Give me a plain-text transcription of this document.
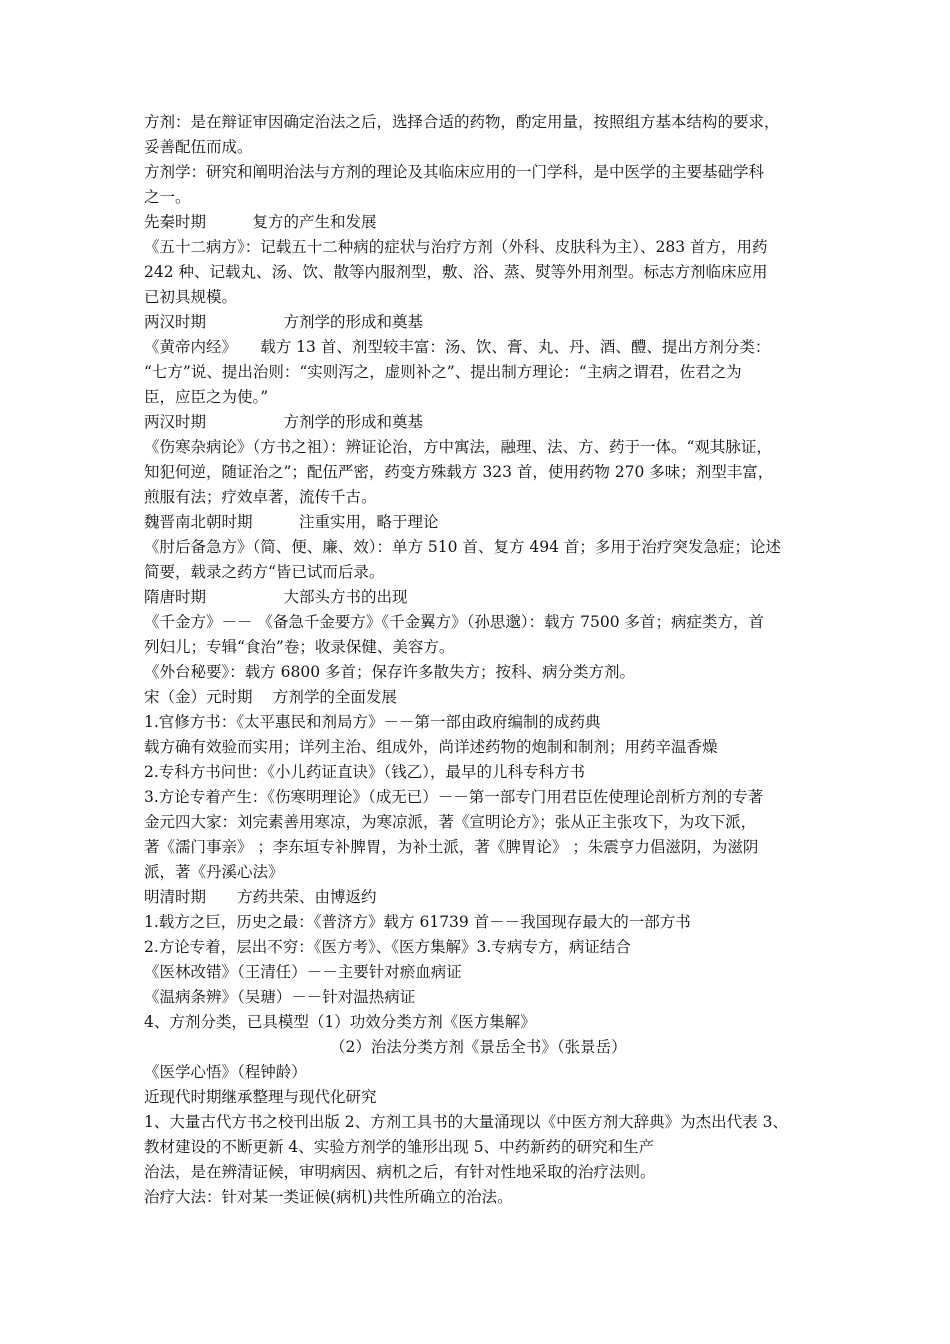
方剂：是在辩证审因确定治法之后，选择合适的药物，酌定用量，按照组方基本结构的要求，
妥善配伍而成。
方剂学：研究和阐明治法与方剂的理论及其临床应用的一门学科，是中医学的主要基础学科
之一。
先秦时期　　　复方的产生和发展
《五十二病方》：记载五十二种病的症状与治疗方剂（外科、皮肤科为主）、283 首方，用药
242 种、记载丸、汤、饮、散等内服剂型，敷、浴、蒸、熨等外用剂型。标志方剂临床应用
已初具规模。
两汉时期　　　　　方剂学的形成和奠基
《黄帝内经》　　载方 13 首、剂型较丰富：汤、饮、膏、丸、丹、酒、醴、提出方剂分类：
“七方”说、提出治则：“实则泻之，虚则补之”、提出制方理论：“主病之谓君，佐君之为
臣，应臣之为使。”
两汉时期　　　　　方剂学的形成和奠基
《伤寒杂病论》（方书之祖）：辨证论治，方中寓法，融理、法、方、药于一体。“观其脉证，
知犯何逆，随证治之”；配伍严密，药变方殊载方 323 首，使用药物 270 多味；剂型丰富，
煎服有法；疗效卓著，流传千古。
魏晋南北朝时期　　　注重实用，略于理论
《肘后备急方》（简、便、廉、效）：单方 510 首、复方 494 首；多用于治疗突发急症；论述
简要，载录之药方“皆已试而后录。
隋唐时期　　　　　大部头方书的出现
《千金方》－－ 《备急千金要方》《千金翼方》（孙思邈）：载方 7500 多首；病症类方，首
列妇儿；专辑“食治”卷；收录保健、美容方。
《外台秘要》：载方 6800 多首；保存许多散失方；按科、病分类方剂。
宋（金）元时期　 方剂学的全面发展
1.官修方书：《太平惠民和剂局方》－－第一部由政府编制的成药典
载方确有效验而实用；详列主治、组成外，尚详述药物的炮制和制剂；用药辛温香燥
2.专科方书问世：《小儿药证直诀》（钱乙），最早的儿科专科方书
3.方论专着产生：《伤寒明理论》（成无已）－－第一部专门用君臣佐使理论剖析方剂的专著
金元四大家：刘完素善用寒凉，为寒凉派，著《宣明论方》；张从正主张攻下，为攻下派，
著《濡门事亲》 ；李东垣专补脾胃，为补土派，著《脾胃论》 ；朱震亨力倡滋阴，为滋阴
派，著《丹溪心法》
明清时期　　方药共荣、由博返约
1.载方之巨，历史之最：《普济方》载方 61739 首－－我国现存最大的一部方书
2.方论专着，层出不穷：《医方考》、《医方集解》3.专病专方，病证结合
《医林改错》（王清任）－－主要针对瘀血病证
《温病条辨》（吴瑭）－－针对温热病证
4、方剂分类，已具模型（1）功效分类方剂《医方集解》
（2）治法分类方剂《景岳全书》（张景岳）
《医学心悟》（程钟龄）
近现代时期继承整理与现代化研究
1、大量古代方书之校刊出版 2、方剂工具书的大量涌现以《中医方剂大辞典》为杰出代表 3、
教材建设的不断更新 4、实验方剂学的雏形出现 5、中药新药的研究和生产
治法，是在辨清证候，审明病因、病机之后，有针对性地采取的治疗法则。
治疗大法：针对某一类证候(病机)共性所确立的治法。
